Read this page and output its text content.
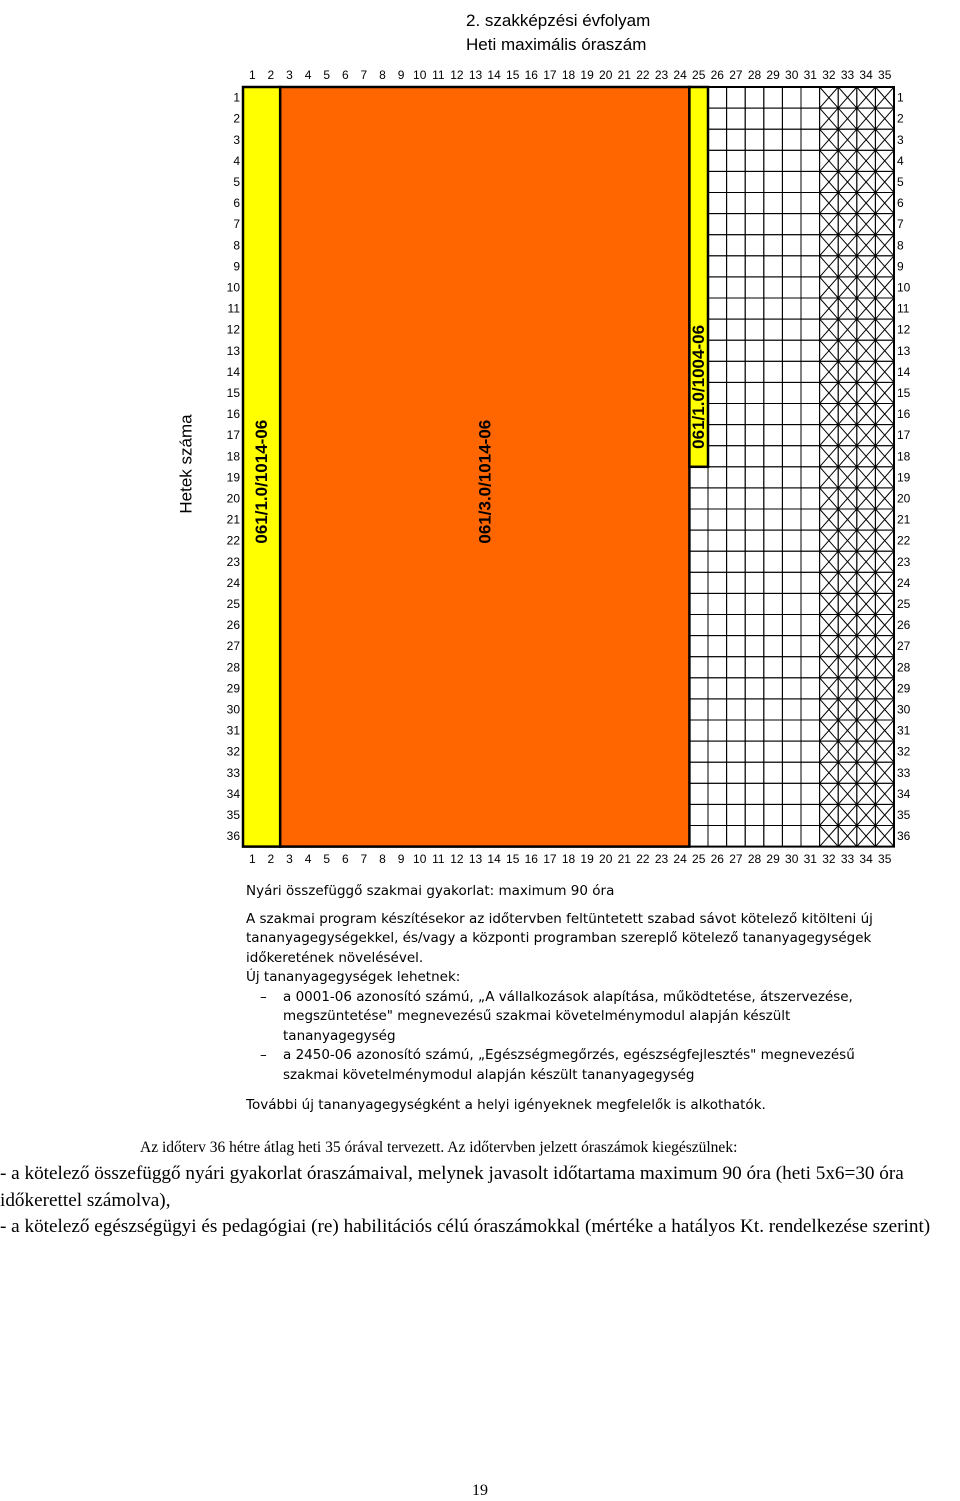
061/1.0/1014-06	061/3.0/1014-06
061/1.0/1004-06
2. szakképzési évfolyam
Heti maximális óraszám
Hetek száma
1
1
2
2
3
3
4
4
5
5
6
6
7
7
8
8
9
9
10
10
11
11
12
12
13
13
14
14
15
15
16
16
17
17
18
18
19
19
20
20
21
21
22
22
23
23
24
24
25
25
26
26
27
27
28
28
29
29
30
30
31
31
32
32
33
33
34
34
35
35
1	1
2	2
3	3
4	4
5	5
6	6
7	7
8	8
9	9
10	10
11	11
12	12
13	13
14	14
15	15
16	16
17	17
18	18
19	19
20	20
21	21
22	22
23	23
24	24
25	25
26	26
27	27
28	28
29	29
30	30
31	31
32	32
33	33
34	34
35	35
36	36

Nyári összefüggő szakmai gyakorlat: maximum 90 óra

A szakmai program készítésekor az időtervben feltüntetett szabad sávot kötelező kitölteni új tananyagegységekkel, és/vagy a központi programban szereplő kötelező tananyagegységek időkeretének növelésével.

Új tananyagegységek lehetnek:

– a 0001-06 azonosító számú, „A vállalkozások alapítása, működtetése, átszervezése, megszüntetése" megnevezésű szakmai követelménymodul alapján készült tananyagegység
– a 2450-06 azonosító számú, „Egészségmegőrzés, egészségfejlesztés" megnevezésű szakmai követelménymodul alapján készült tananyagegység

További új tananyagegységként a helyi igényeknek megfelelők is alkothatók.

Az időterv 36 hétre átlag heti 35 órával tervezett. Az időtervben jelzett óraszámok kiegészülnek:

- a kötelező összefüggő nyári gyakorlat óraszámaival, melynek javasolt időtartama maximum 90 óra (heti 5x6=30 óra időkerettel számolva),
- a kötelező egészségügyi és pedagógiai (re) habilitációs célú óraszámokkal (mértéke a hatályos Kt. rendelkezése szerint)

19
